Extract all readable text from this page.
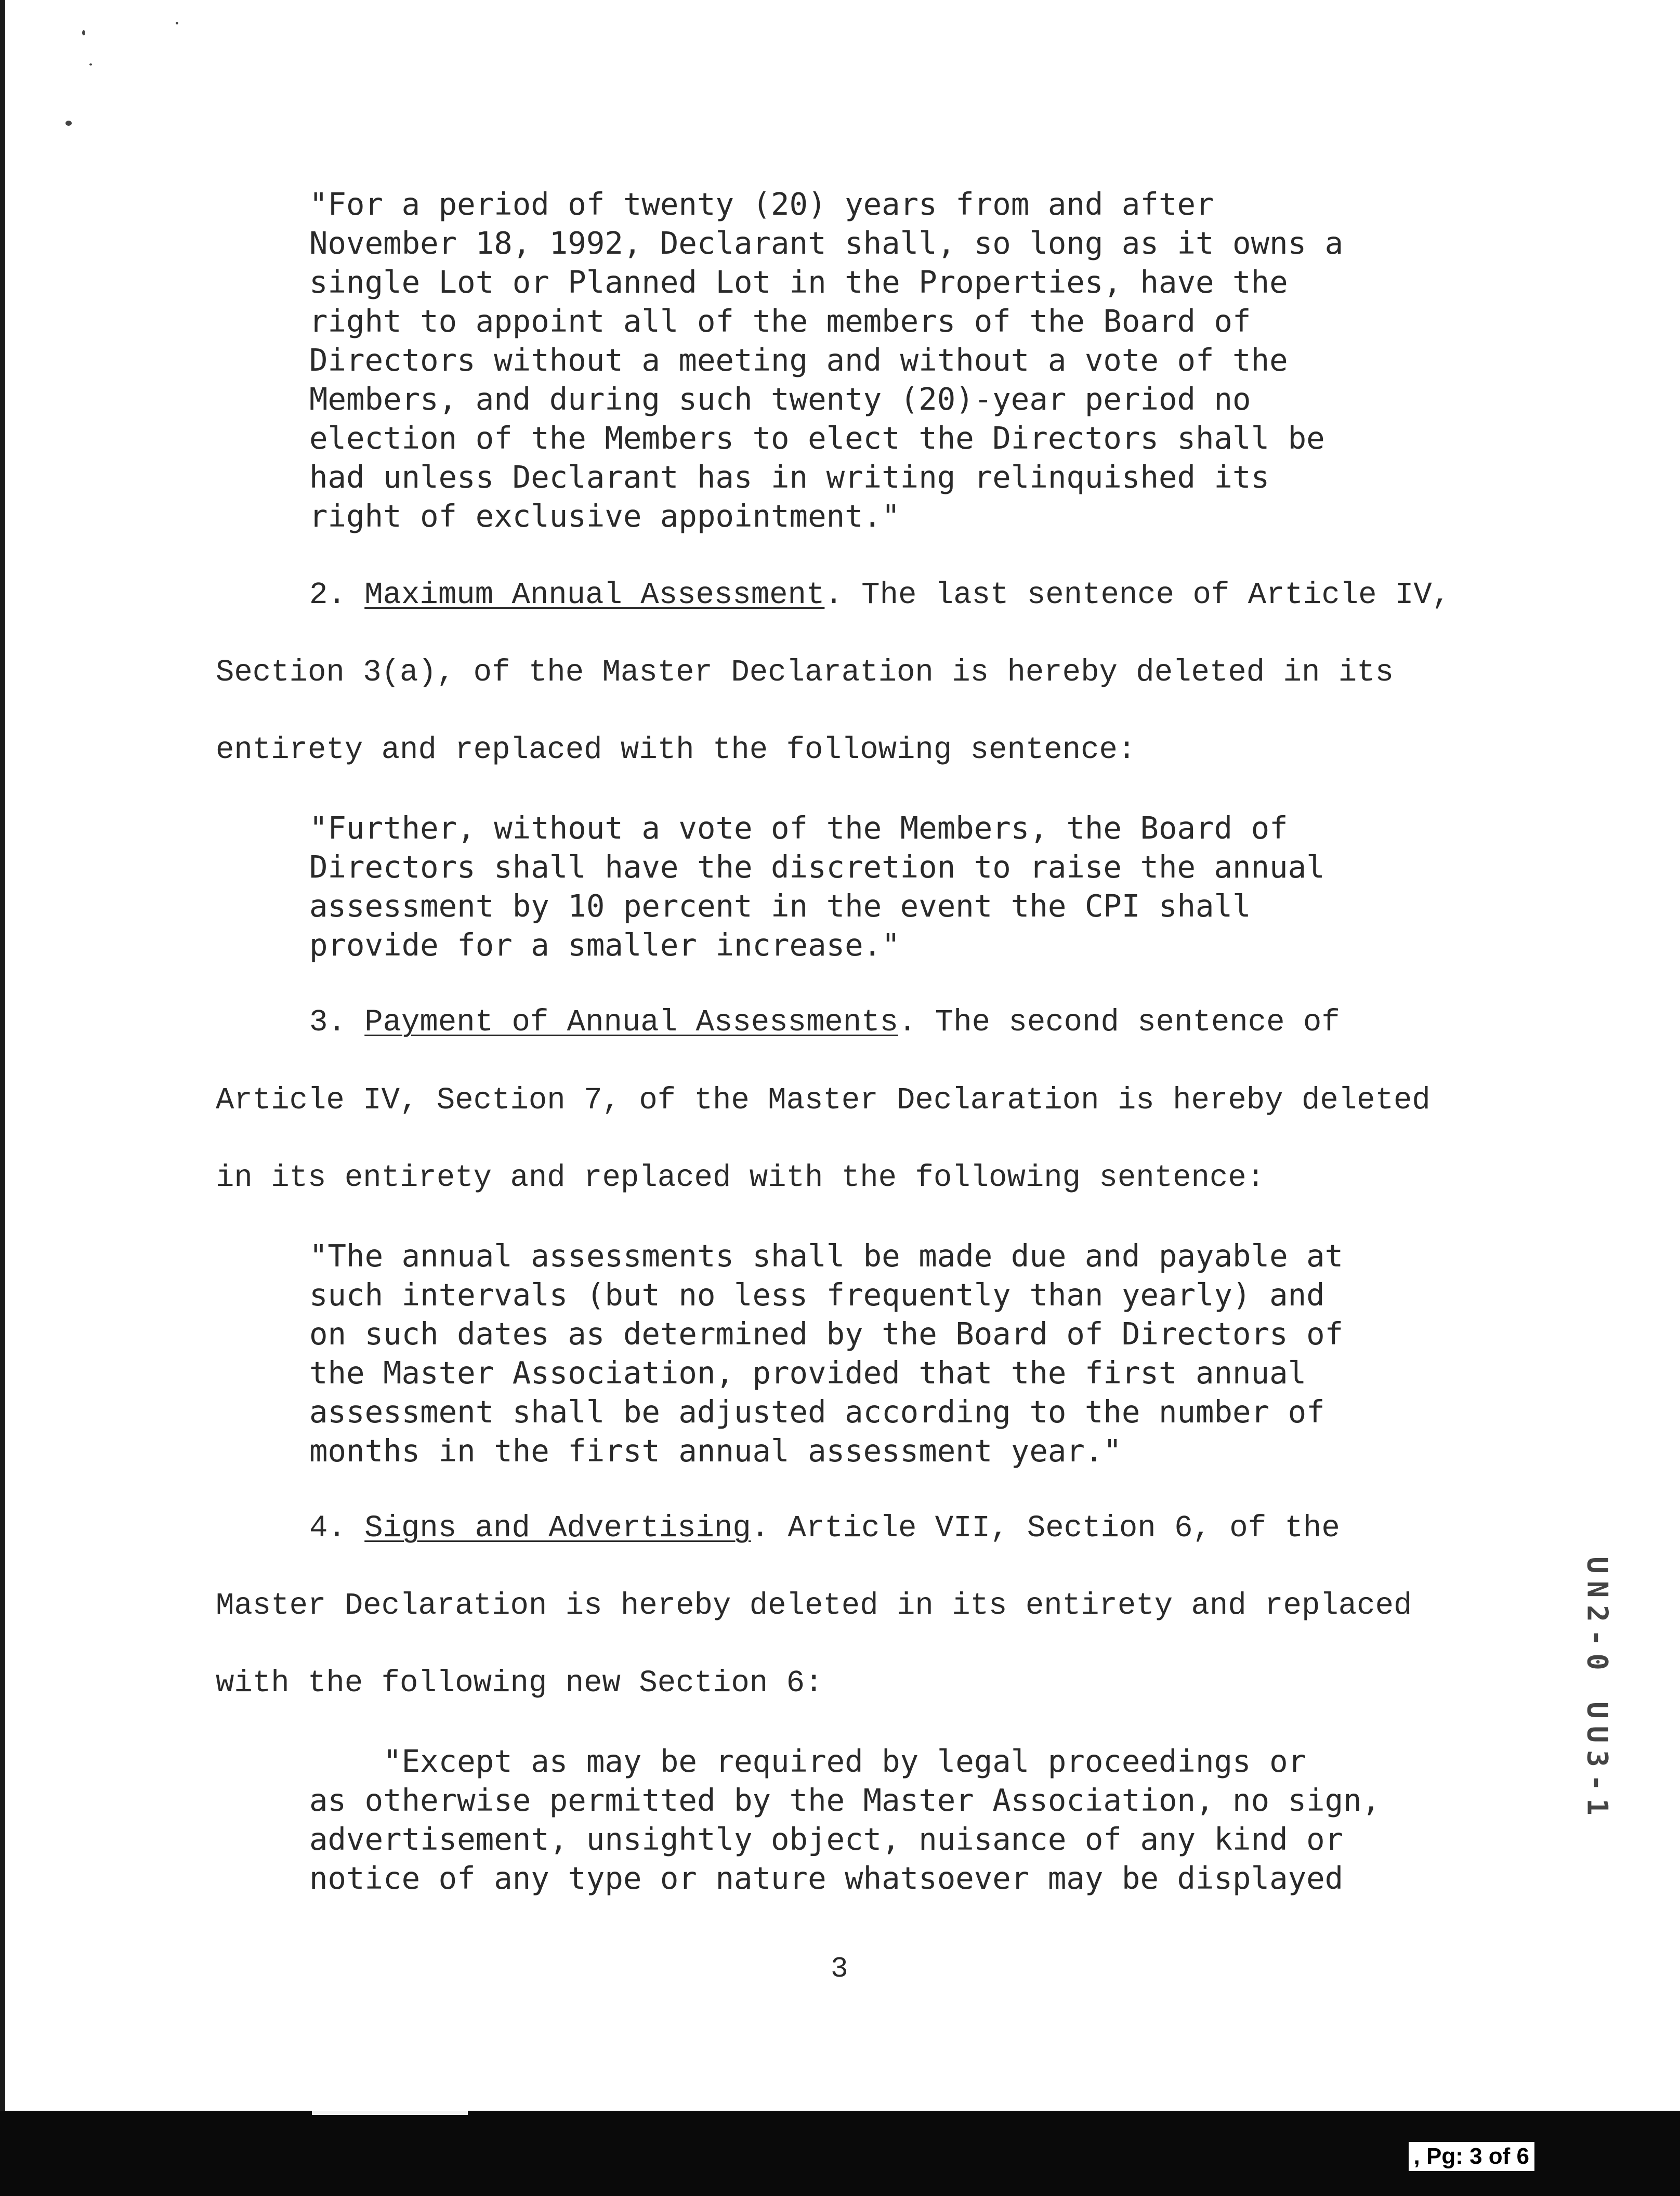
"For a period of twenty (20) years from and after
November 18, 1992, Declarant shall, so long as it owns a
single Lot or Planned Lot in the Properties, have the
right to appoint all of the members of the Board of
Directors without a meeting and without a vote of the
Members, and during such twenty (20)-year period no
election of the Members to elect the Directors shall be
had unless Declarant has in writing relinquished its
right of exclusive appointment."
2. Maximum Annual Assessment. The last sentence of Article IV,
Section 3(a), of the Master Declaration is hereby deleted in its
entirety and replaced with the following sentence:
"Further, without a vote of the Members, the Board of
Directors shall have the discretion to raise the annual
assessment by 10 percent in the event the CPI shall
provide for a smaller increase."
3. Payment of Annual Assessments. The second sentence of
Article IV, Section 7, of the Master Declaration is hereby deleted
in its entirety and replaced with the following sentence:
"The annual assessments shall be made due and payable at
such intervals (but no less frequently than yearly) and
on such dates as determined by the Board of Directors of
the Master Association, provided that the first annual
assessment shall be adjusted according to the number of
months in the first annual assessment year."
4. Signs and Advertising. Article VII, Section 6, of the
Master Declaration is hereby deleted in its entirety and replaced
with the following new Section 6:
"Except as may be required by legal proceedings or
as otherwise permitted by the Master Association, no sign,
advertisement, unsightly object, nuisance of any kind or
notice of any type or nature whatsoever may be displayed
3
UN2-0 UU3-1
, Pg: 3 of 6
